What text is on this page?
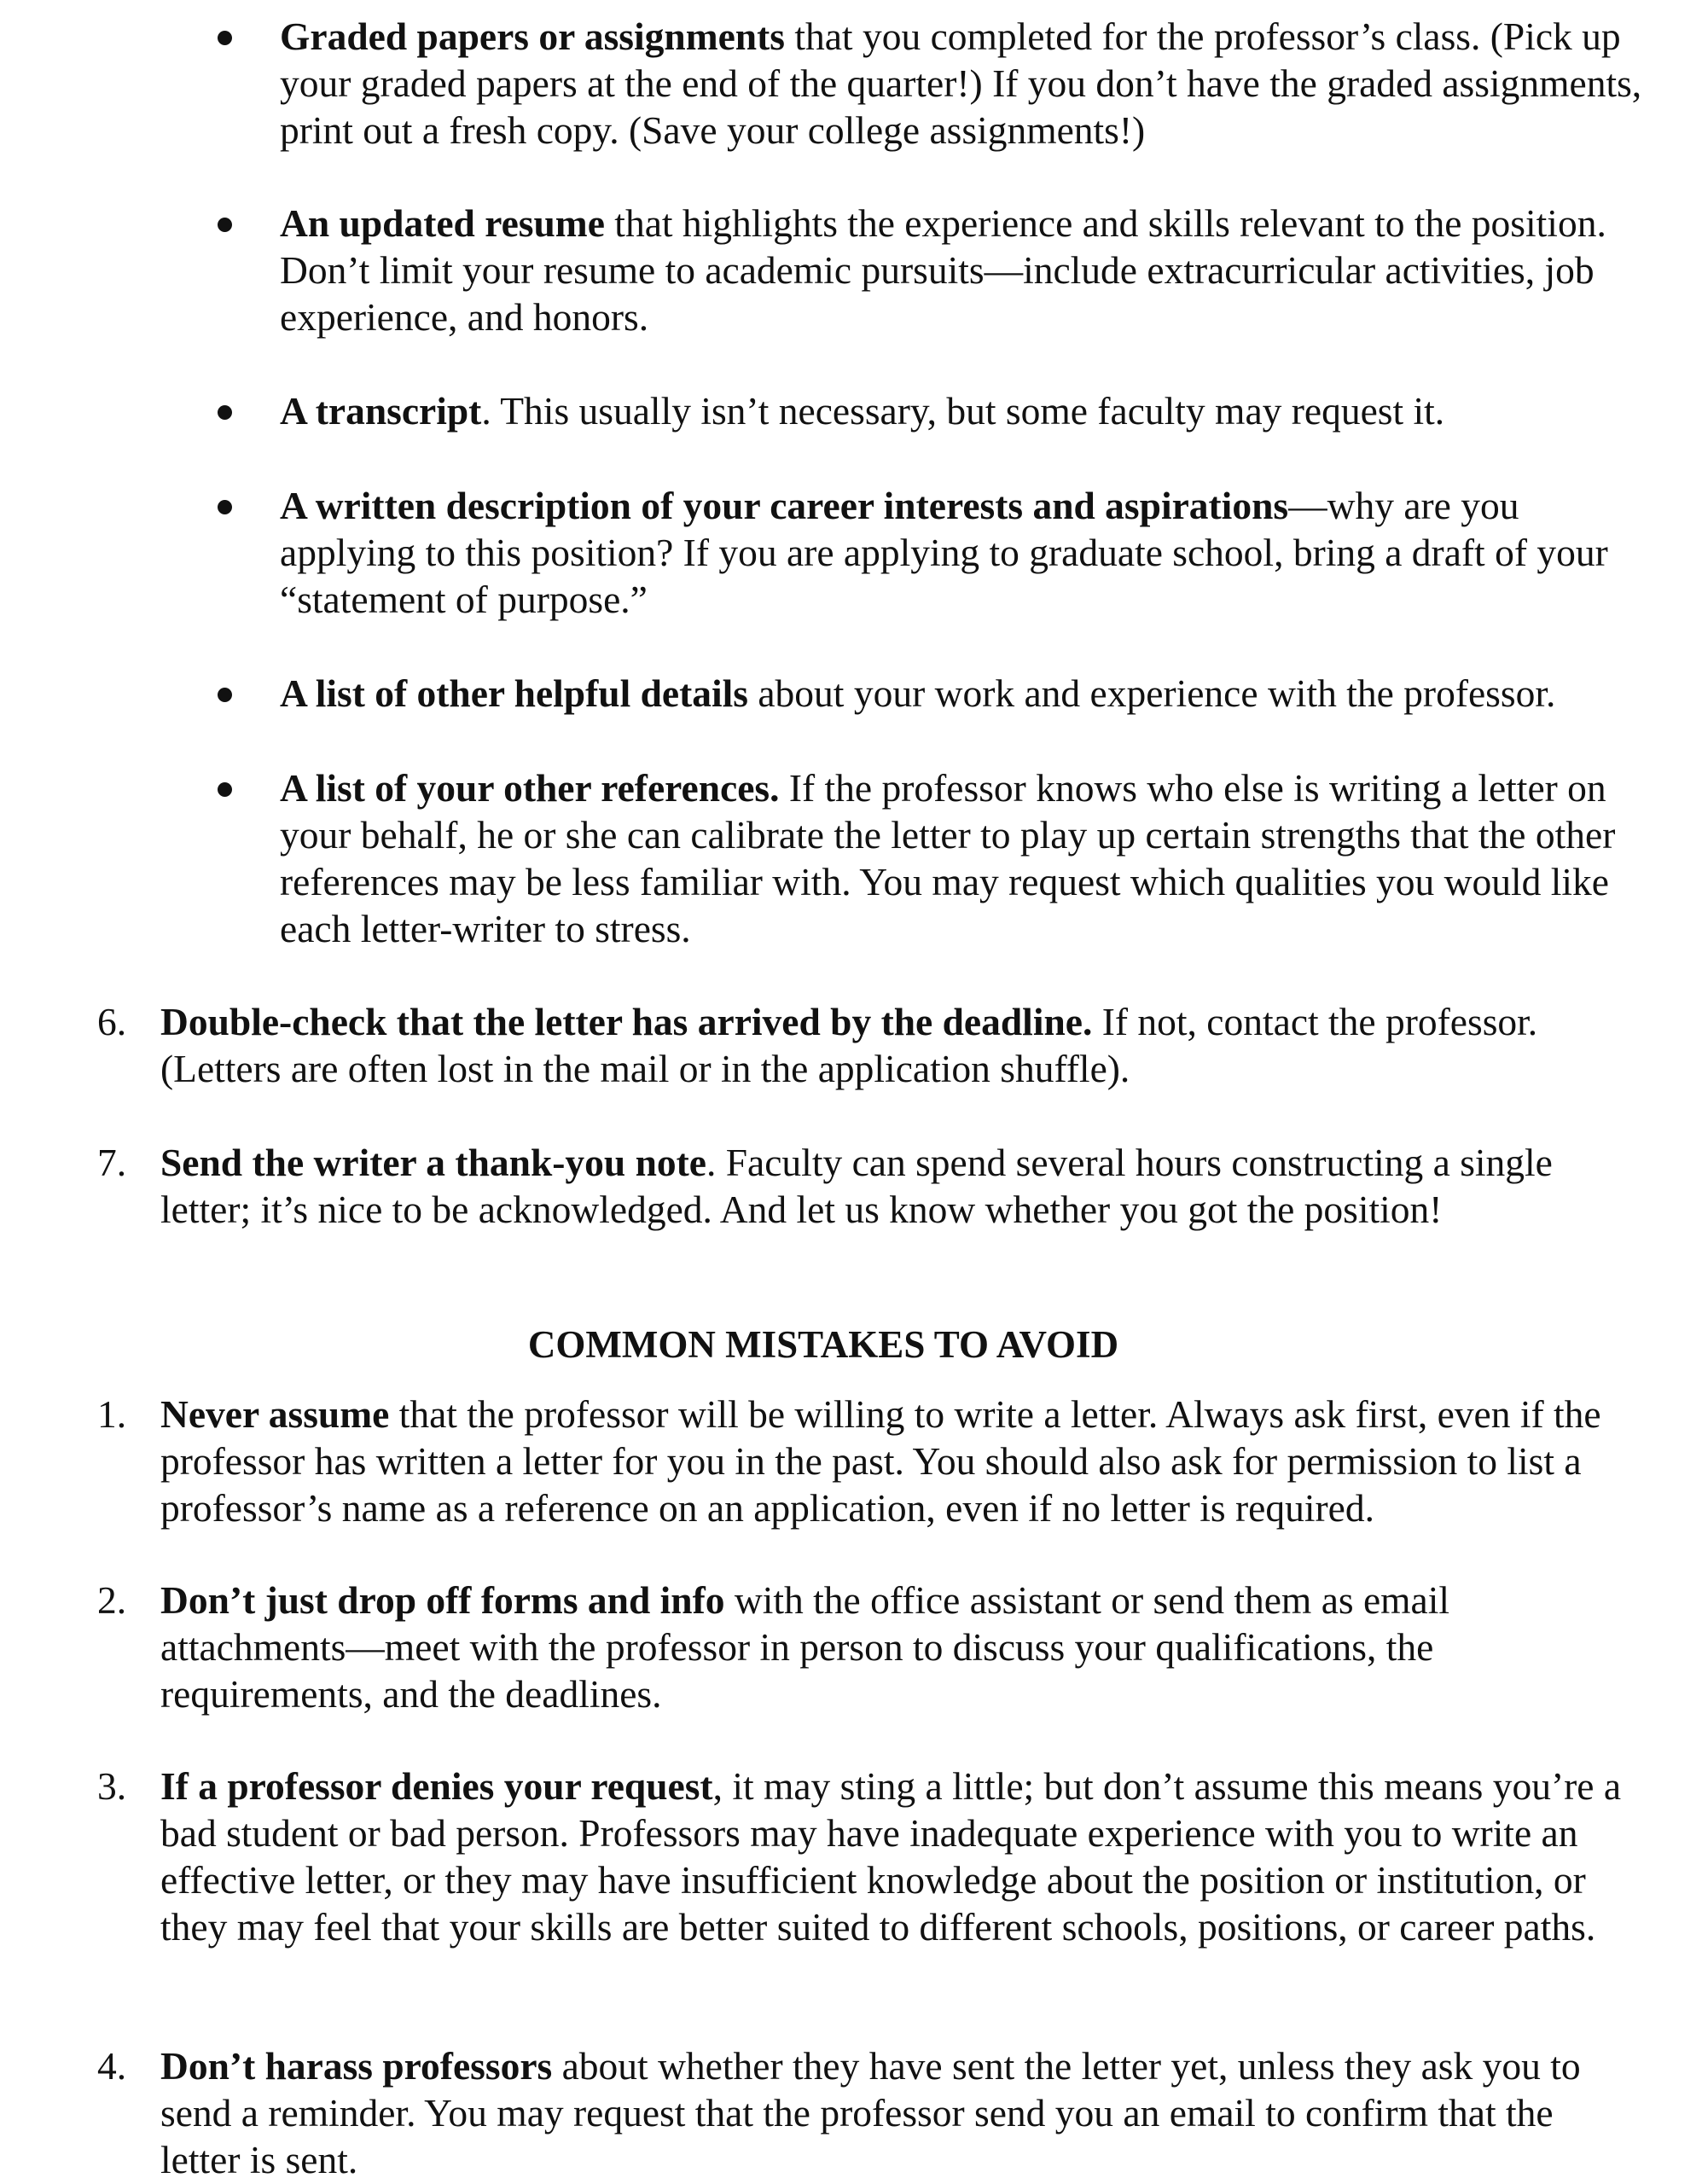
Graded papers or assignments that you completed for the professor’s class. (Pick up your graded papers at the end of the quarter!) If you don’t have the graded assignments, print out a fresh copy. (Save your college assignments!)
An updated resume that highlights the experience and skills relevant to the position. Don’t limit your resume to academic pursuits—include extracurricular activities, job experience, and honors.
A transcript. This usually isn’t necessary, but some faculty may request it.
A written description of your career interests and aspirations—why are you applying to this position? If you are applying to graduate school, bring a draft of your “statement of purpose.”
A list of other helpful details about your work and experience with the professor.
A list of your other references. If the professor knows who else is writing a letter on your behalf, he or she can calibrate the letter to play up certain strengths that the other references may be less familiar with. You may request which qualities you would like each letter-writer to stress.
6. Double-check that the letter has arrived by the deadline. If not, contact the professor. (Letters are often lost in the mail or in the application shuffle).
7. Send the writer a thank-you note. Faculty can spend several hours constructing a single letter; it’s nice to be acknowledged. And let us know whether you got the position!
COMMON MISTAKES TO AVOID
1. Never assume that the professor will be willing to write a letter. Always ask first, even if the professor has written a letter for you in the past. You should also ask for permission to list a professor’s name as a reference on an application, even if no letter is required.
2. Don’t just drop off forms and info with the office assistant or send them as email attachments—meet with the professor in person to discuss your qualifications, the requirements, and the deadlines.
3. If a professor denies your request, it may sting a little; but don’t assume this means you’re a bad student or bad person. Professors may have inadequate experience with you to write an effective letter, or they may have insufficient knowledge about the position or institution, or they may feel that your skills are better suited to different schools, positions, or career paths.
4. Don’t harass professors about whether they have sent the letter yet, unless they ask you to send a reminder. You may request that the professor send you an email to confirm that the letter is sent.
